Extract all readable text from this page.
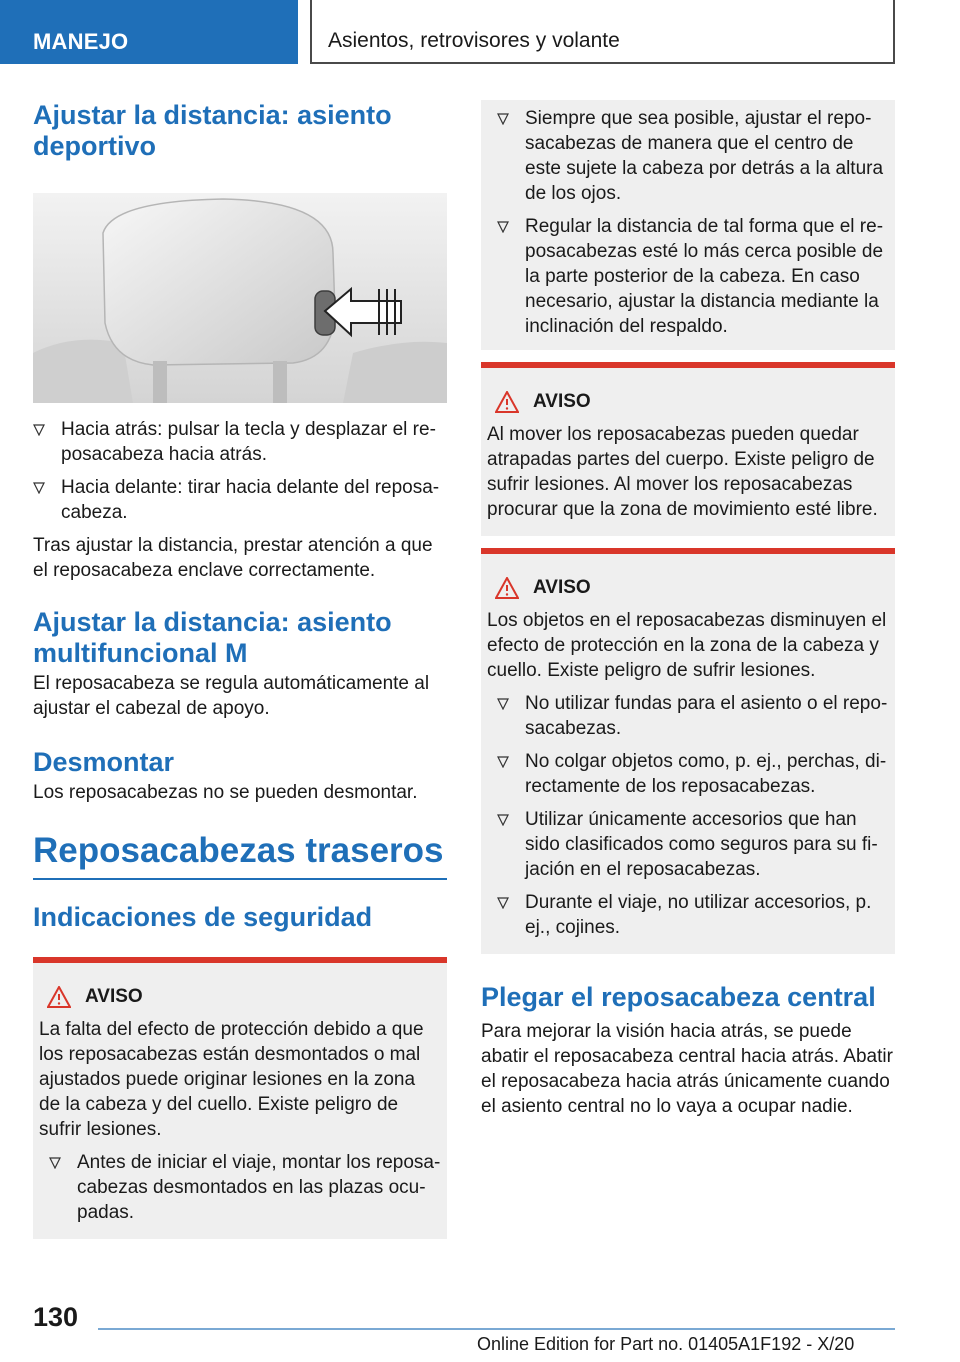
MANEJO	Asientos, retrovisores y volante
Ajustar la distancia: asiento deportivo
Hacia atrás: pulsar la tecla y desplazar el reposacabeza hacia atrás.
Hacia delante: tirar hacia delante del reposacabeza.

Tras ajustar la distancia, prestar atención a que el reposacabeza enclave correctamente.

Ajustar la distancia: asiento multifuncional M

El reposacabeza se regula automáticamente al ajustar el cabezal de apoyo.

Desmontar

Los reposacabezas no se pueden desmontar.

Reposacabezas traseros
Indicaciones de seguridad
AVISO

La falta del efecto de protección debido a que los reposacabezas están desmontados o mal ajustados puede originar lesiones en la zona de la cabeza y del cuello. Existe peligro de sufrir lesiones.

Antes de iniciar el viaje, montar los reposacabezas desmontados en las plazas ocupadas.
Siempre que sea posible, ajustar el reposacabezas de manera que el centro de este sujete la cabeza por detrás a la altura de los ojos.
Regular la distancia de tal forma que el reposacabezas esté lo más cerca posible de la parte posterior de la cabeza. En caso necesario, ajustar la distancia mediante la inclinación del respaldo.
AVISO

Al mover los reposacabezas pueden quedar atrapadas partes del cuerpo. Existe peligro de sufrir lesiones. Al mover los reposacabezas procurar que la zona de movimiento esté libre.

AVISO

Los objetos en el reposacabezas disminuyen el efecto de protección en la zona de la cabeza y cuello. Existe peligro de sufrir lesiones.

No utilizar fundas para el asiento o el reposacabezas.
No colgar objetos como, p. ej., perchas, directamente de los reposacabezas.
Utilizar únicamente accesorios que han sido clasificados como seguros para su fijación en el reposacabezas.
Durante el viaje, no utilizar accesorios, p. ej., cojines.
Plegar el reposacabeza central

Para mejorar la visión hacia atrás, se puede abatir el reposacabeza central hacia atrás. Abatir el reposacabeza hacia atrás únicamente cuando el asiento central no lo vaya a ocupar nadie.

130
Online Edition for Part no. 01405A1F192 - X/20
